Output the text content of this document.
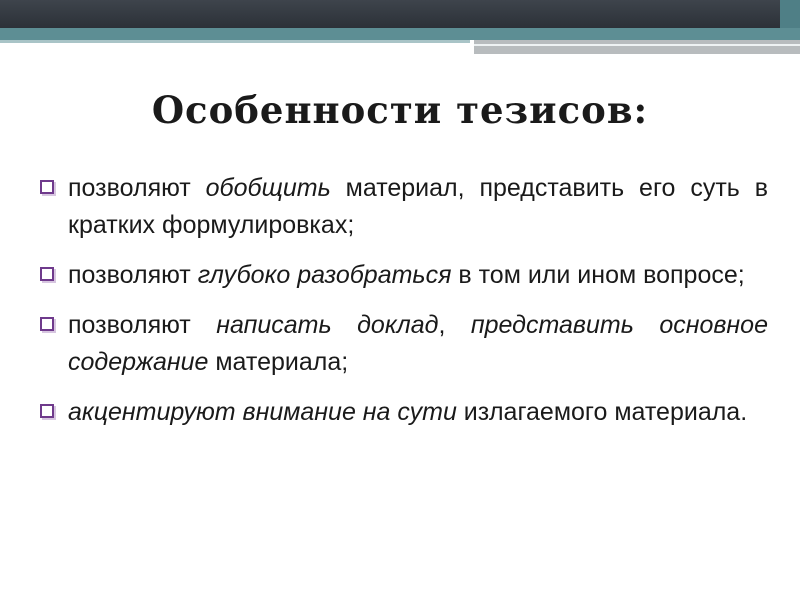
Особенности тезисов:
позволяют обобщить материал, представить его суть в кратких формулировках;
позволяют глубоко разобраться в том или ином вопросе;
позволяют написать доклад, представить основное содержание материала;
акцентируют внимание на сути излагаемого материала.
